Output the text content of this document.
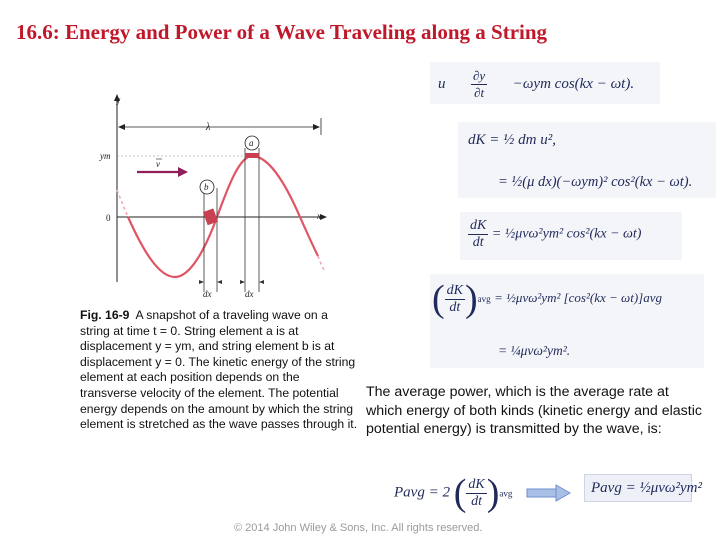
16.6: Energy and Power of a Wave Traveling along a String
y
x
0
ym
λ
v
dx	dx
a
b
Fig. 16-9 A snapshot of a traveling wave on a string at time t = 0. String element a is at displacement y = ym, and string element b is at displacement y = 0. The kinetic energy of the string element at each position depends on the transverse velocity of the element. The potential energy depends on the amount by which the string element is stretched as the wave passes through it.
u $\frac{\partial y}{\partial t} -\omega ym$ cos(kx − ωt).
dK = ½ dm u²,
= ½(μ dx)(−ωym)² cos²(kx − ωt).
$\frac{dK}{dt}$ = ½μvω²ym² cos²(kx − ωt)
( $\frac{dK}{dt} )avg$ = ½μvω²ym² [cos²(kx − ωt)]avg
= ¼μvω²ym².
The average power, which is the average rate at which energy of both kinds (kinetic energy and elastic potential energy) is transmitted by the wave, is:
Pavg = 2 ( $\frac{dK}{dt} )avg$	Pavg = ½μvω²ym²
© 2014 John Wiley & Sons, Inc. All rights reserved.
